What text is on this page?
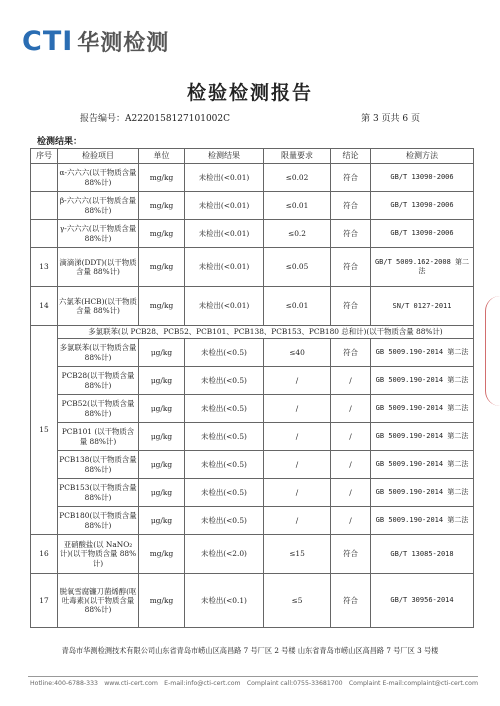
CTI 华测检测
检验检测报告
报告编号：A2220158127101002C	第 3 页共 6 页
检测结果：
序号	检验项目	单位	检测结果	限量要求	结论	检测方法
	α-六六六(以干物质含量 88%计)	mg/kg	未检出(<0.01)	≤0.02	符合	GB/T 13090-2006
	β-六六六(以干物质含量 88%计)	mg/kg	未检出(<0.01)	≤0.01	符合	GB/T 13090-2006
	γ-六六六(以干物质含量 88%计)	mg/kg	未检出(<0.01)	≤0.2	符合	GB/T 13090-2006
13	滴滴涕(DDT)(以干物质含量 88%计)	mg/kg	未检出(<0.01)	≤0.05	符合	GB/T 5009.162-2008 第二法
14	六氯苯(HCB)(以干物质含量 88%计)	mg/kg	未检出(<0.01)	≤0.01	符合	SN/T 0127-2011
15	多氯联苯(以 PCB28、PCB52、PCB101、PCB138、PCB153、PCB180 总和计)(以干物质含量 88%计)					
	多氯联苯(以干物质含量 88%计)	μg/kg	未检出(<0.5)	≤40	符合	GB 5009.190-2014 第二法
	PCB28(以干物质含量 88%计)	μg/kg	未检出(<0.5)	/	/	GB 5009.190-2014 第二法
	PCB52(以干物质含量 88%计)	μg/kg	未检出(<0.5)	/	/	GB 5009.190-2014 第二法
	PCB101 (以干物质含量 88%计)	μg/kg	未检出(<0.5)	/	/	GB 5009.190-2014 第二法
	PCB138(以干物质含量 88%计)	μg/kg	未检出(<0.5)	/	/	GB 5009.190-2014 第二法
	PCB153(以干物质含量 88%计)	μg/kg	未检出(<0.5)	/	/	GB 5009.190-2014 第二法
	PCB180(以干物质含量 88%计)	μg/kg	未检出(<0.5)	/	/	GB 5009.190-2014 第二法
16	亚硝酸盐(以 NaNO₂计)(以干物质含量 88%计)	mg/kg	未检出(<2.0)	≤15	符合	GB/T 13085-2018
17	脱氧雪腐镰刀菌烯醇(呕吐毒素)(以干物质含量 88%计)	mg/kg	未检出(<0.1)	≤5	符合	GB/T 30956-2014
青岛市华测检测技术有限公司山东省青岛市崂山区高昌路 7 号厂区 2 号楼 山东省青岛市崂山区高昌路 7 号厂区 3 号楼
Hotline:400-6788-333 www.cti-cert.com E-mail:info@cti-cert.com Complaint call:0755-33681700 Complaint E-mail:complaint@cti-cert.com
